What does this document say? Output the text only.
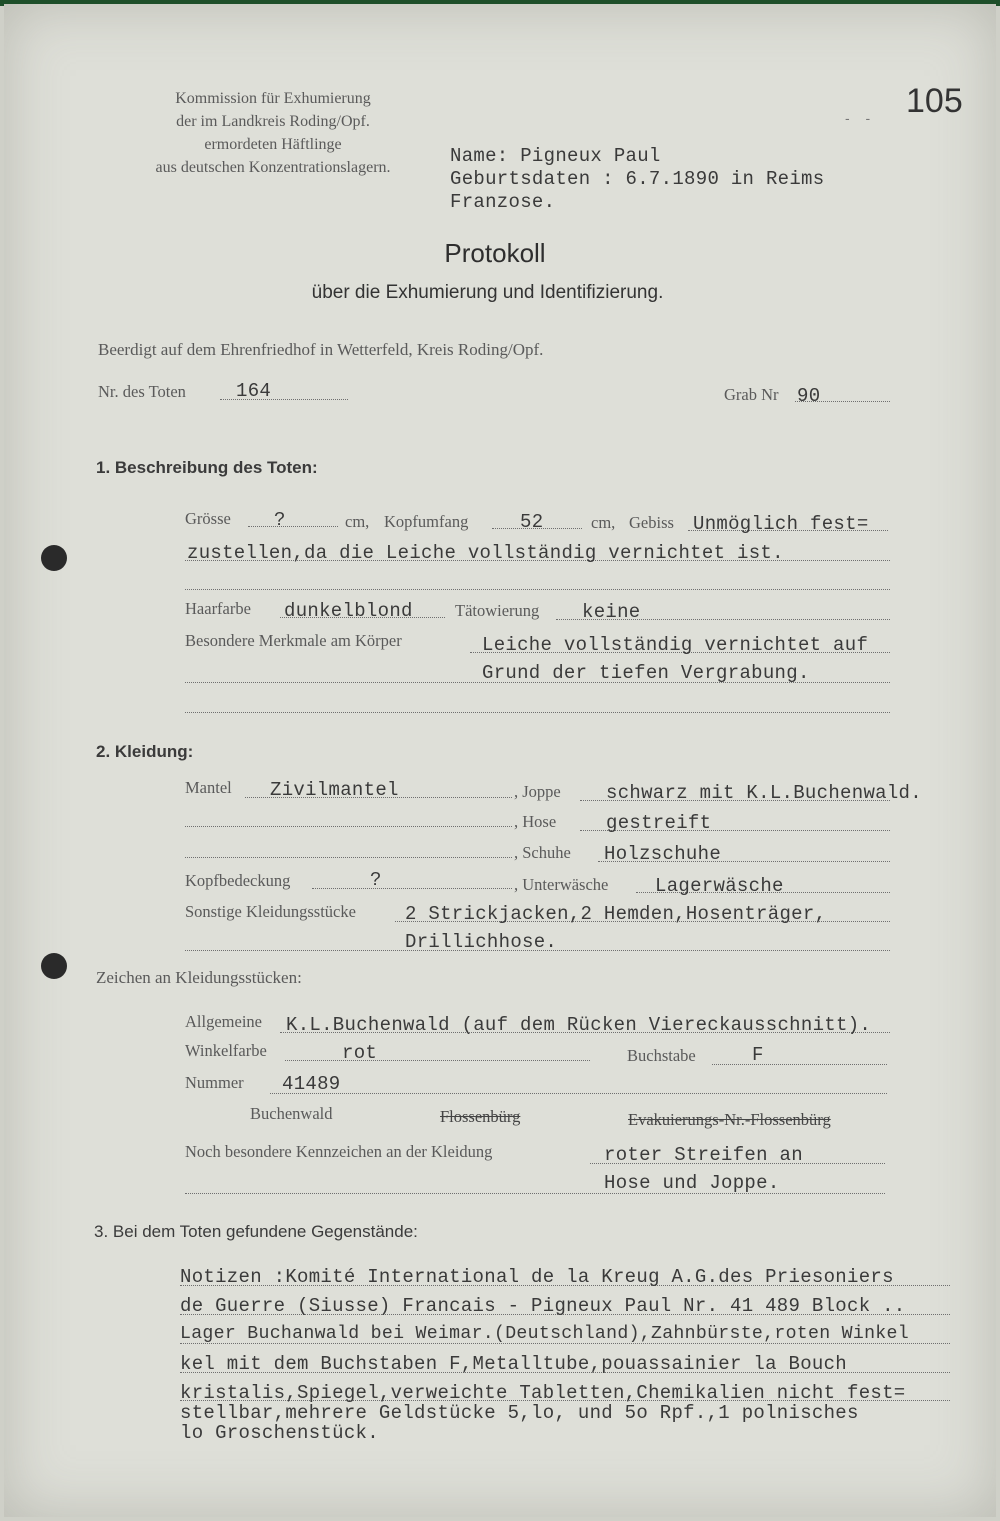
Kommission für Exhumierung
der im Landkreis Roding/Opf.
ermordeten Häftlinge
aus deutschen Konzentrationslagern.
105
- -
Name: Pigneux Paul
Geburtsdaten : 6.7.1890 in Reims
Franzose.
Protokoll
über die Exhumierung und Identifizierung.
Beerdigt auf dem Ehrenfriedhof in Wetterfeld, Kreis Roding/Opf.
Nr. des Toten	164	Grab Nr 90
1. Beschreibung des Toten:
Grösse ?	cm, Kopfumfang	52	cm, Gebiss Unmöglich fest=
zustellen,da die Leiche vollständig vernichtet ist.
Haarfarbe dunkelblond	Tätowierung keine
Besondere Merkmale am Körper	Leiche vollständig vernichtet auf
Grund der tiefen Vergrabung.
2. Kleidung:
Mantel Zivilmantel	, Joppe schwarz mit K.L.Buchenwald.
, Hose	gestreift
, Schuhe Holzschuhe
Kopfbedeckung	?	, Unterwäsche Lagerwäsche
Sonstige Kleidungsstücke	2 Strickjacken,2 Hemden,Hosenträger,
Drillichhose.
Zeichen an Kleidungsstücken:
Allgemeine K.L.Buchenwald (auf dem Rücken Viereckausschnitt).
Winkelfarbe	rot	Buchstabe	F
Nummer 41489
Buchenwald	Flossenbürg	Evakuierungs-Nr.-Flossenbürg
Noch besondere Kennzeichen an der Kleidung	roter Streifen an
Hose und Joppe.
3. Bei dem Toten gefundene Gegenstände:
Notizen :Komité International de la Kreug A.G.des Priesoniers
de Guerre (Siusse) Francais - Pigneux Paul Nr. 41 489 Block ..
Lager Buchanwald bei Weimar.(Deutschland),Zahnbürste,roten Winkel
kel mit dem Buchstaben F,Metalltube,pouassainier la Bouch
kristalis,Spiegel,verweichte Tabletten,Chemikalien nicht fest=
stellbar,mehrere Geldstücke 5,lo, und 5o Rpf.,1 polnisches
lo Groschenstück.
